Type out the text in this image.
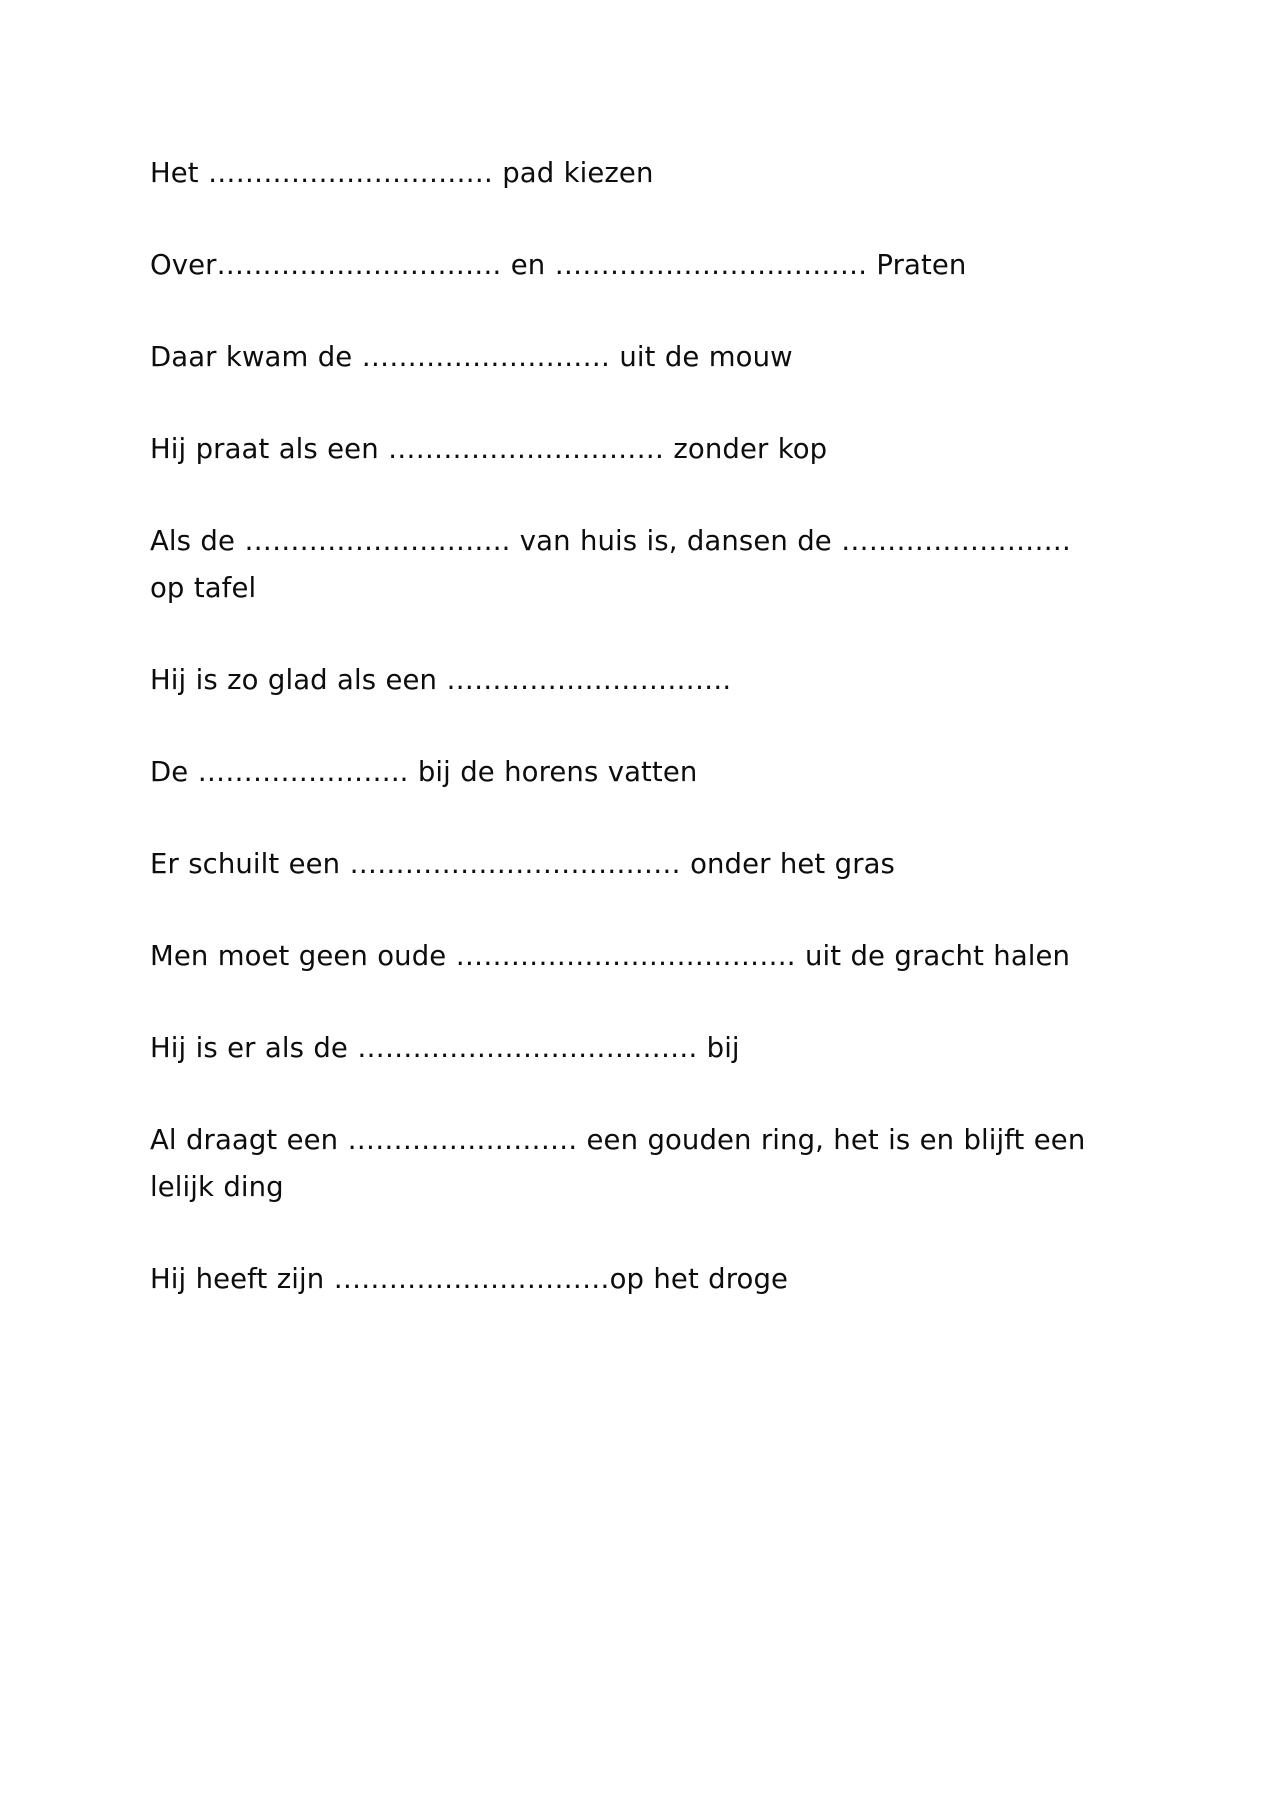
Het …………………………. pad kiezen

Over…………………………. en ……………………………. Praten

Daar kwam de ……………………… uit de mouw

Hij praat als een ………………………… zonder kop

Als de ……………………….. van huis is, dansen de ……………………. op tafel

Hij is zo glad als een ………………………….

De ………………….. bij de horens vatten

Er schuilt een ……………………………… onder het gras

Men moet geen oude ………………………………. uit de gracht halen

Hij is er als de ………………………………. bij

Al draagt een ……………………. een gouden ring, het is en blijft een lelijk ding

Hij heeft zijn …………………………op het droge
